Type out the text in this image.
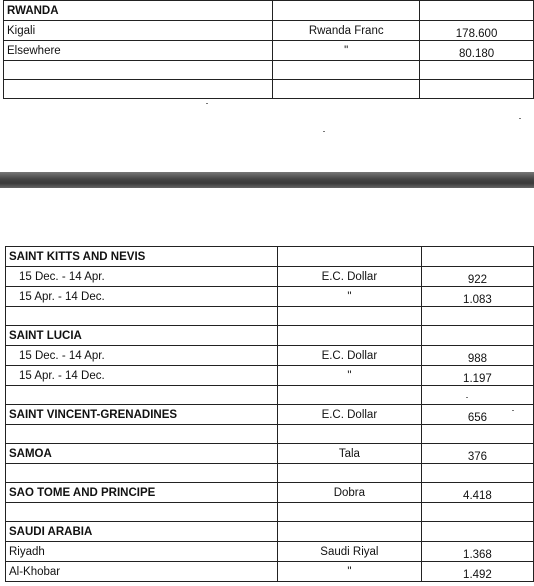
RWANDA		
Kigali	Rwanda Franc	178.600
Elsewhere	"	80.180

SAINT KITTS AND NEVIS		
15 Dec. - 14 Apr.	E.C. Dollar	922
15 Apr. - 14 Dec.	"	1.083

SAINT LUCIA		
15 Dec. - 14 Apr.	E.C. Dollar	988
15 Apr. - 14 Dec.	"	1.197

SAINT VINCENT-GRENADINES	E.C. Dollar	656

SAMOA	Tala	376

SAO TOME AND PRINCIPE	Dobra	4.418

SAUDI ARABIA		
Riyadh	Saudi Riyal	1.368
Al-Khobar	"	1.492
